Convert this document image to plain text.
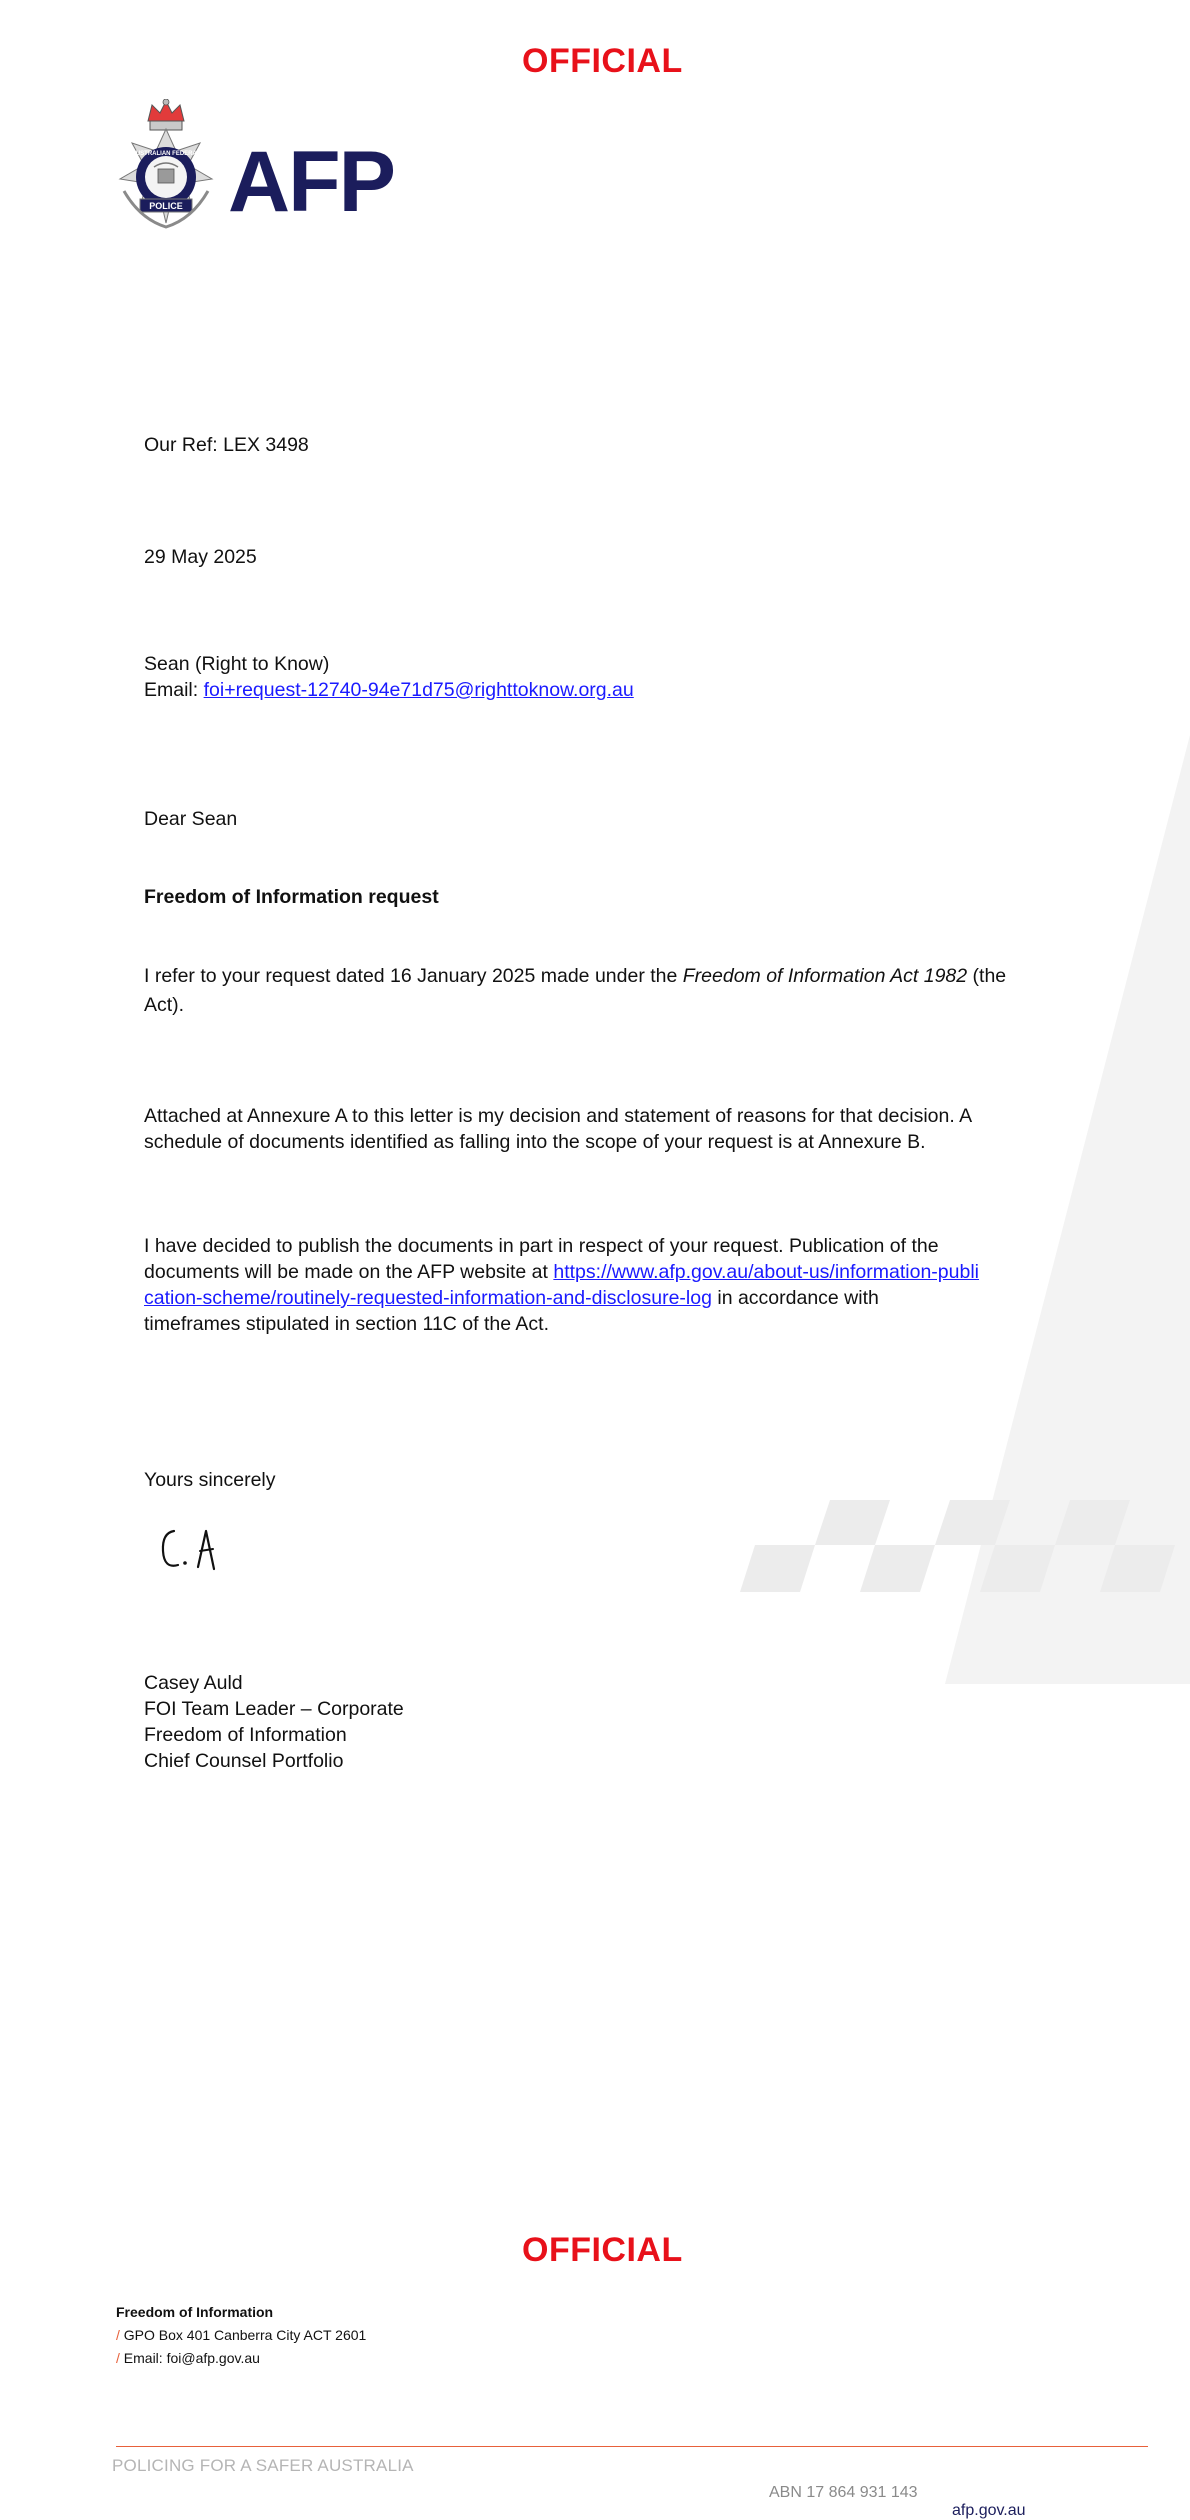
OFFICIAL
AUSTRALIAN FEDERAL
POLICE AFP
Our Ref: LEX 3498
29 May 2025
Sean (Right to Know)
Email: foi+request-12740-94e71d75@righttoknow.org.au
Dear Sean
Freedom of Information request
I refer to your request dated 16 January 2025 made under the Freedom of Information Act 1982 (the Act).
Attached at Annexure A to this letter is my decision and statement of reasons for that decision. A schedule of documents identified as falling into the scope of your request is at Annexure B.
I have decided to publish the documents in part in respect of your request. Publication of the documents will be made on the AFP website at https://www.afp.gov.au/about-us/information-publication-scheme/routinely-requested-information-and-disclosure-log in accordance with timeframes stipulated in section 11C of the Act.
Yours sincerely
Casey Auld
FOI Team Leader – Corporate
Freedom of Information
Chief Counsel Portfolio
OFFICIAL
Freedom of Information
/ GPO Box 401 Canberra City ACT 2601
/ Email: foi@afp.gov.au
POLICING FOR A SAFER AUSTRALIA
ABN 17 864 931 143
afp.gov.au
